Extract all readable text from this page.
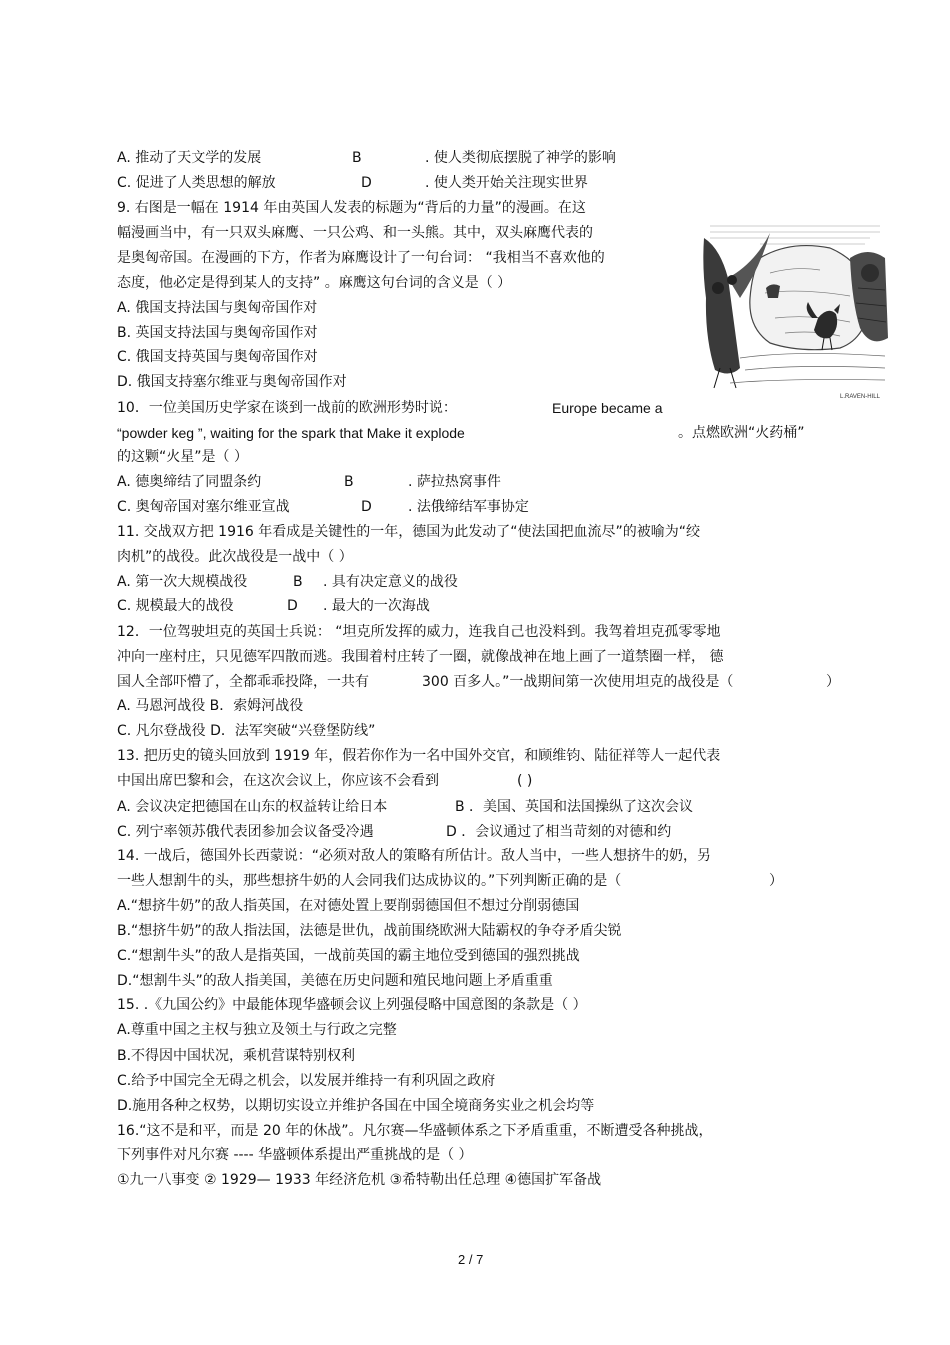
A. 推动了天文学的发展	B	. 使人类彻底摆脱了神学的影响
C. 促进了人类思想的解放	D	. 使人类开始关注现实世界
9. 右图是一幅在 1914 年由英国人发表的标题为“背后的力量”的漫画。在这
幅漫画当中，有一只双头麻鹰、一只公鸡、和一头熊。其中，双头麻鹰代表的
是奥匈帝国。在漫画的下方，作者为麻鹰设计了一句台词： “我相当不喜欢他的
态度，他必定是得到某人的支持” 。麻鹰这句台词的含义是（ ）
A. 俄国支持法国与奥匈帝国作对
B. 英国支持法国与奥匈帝国作对
C. 俄国支持英国与奥匈帝国作对
D. 俄国支持塞尔维亚与奥匈帝国作对
10．一位美国历史学家在谈到一战前的欧洲形势时说：	Europe became a
“powder keg ”, waiting for the spark that Make it explode	。点燃欧洲“火药桶”
的这颗“火星”是（ ）
A. 德奥缔结了同盟条约	B	. 萨拉热窝事件
C. 奥匈帝国对塞尔维亚宣战	D	. 法俄缔结军事协定
11. 交战双方把 1916 年看成是关键性的一年，德国为此发动了“使法国把血流尽”的被喻为“绞
肉机”的战役。此次战役是一战中（ ）
A. 第一次大规模战役	B . 具有决定意义的战役
C. 规模最大的战役	D . 最大的一次海战
12．一位驾驶坦克的英国士兵说： “坦克所发挥的威力，连我自己也没料到。我驾着坦克孤零零地
冲向一座村庄，只见德军四散而逃。我围着村庄转了一圈，就像战神在地上画了一道禁圈一样， 德
国人全部吓懵了，全都乖乖投降，一共有	300 百多人。”一战期间第一次使用坦克的战役是（	）
A. 马恩河战役 B．索姆河战役
C. 凡尔登战役 D．法军突破“兴登堡防线”
13. 把历史的镜头回放到 1919 年，假若你作为一名中国外交官，和顾维钧、陆征祥等人一起代表
中国出席巴黎和会，在这次会议上，你应该不会看到	( )
A. 会议决定把德国在山东的权益转让给日本	B ．美国、英国和法国操纵了这次会议
C. 列宁率领苏俄代表团参加会议备受冷遇	D ．会议通过了相当苛刻的对德和约
14. 一战后，德国外长西蒙说：“必须对敌人的策略有所估计。敌人当中，一些人想挤牛的奶，另
一些人想割牛的头，那些想挤牛奶的人会同我们达成协议的。”下列判断正确的是（	）
A.“想挤牛奶”的敌人指英国，在对德处置上要削弱德国但不想过分削弱德国
B.“想挤牛奶”的敌人指法国，法德是世仇，战前围绕欧洲大陆霸权的争夺矛盾尖锐
C.“想割牛头”的敌人是指英国，一战前英国的霸主地位受到德国的强烈挑战
D.“想割牛头”的敌人指美国，美德在历史问题和殖民地问题上矛盾重重
15. .《九国公约》中最能体现华盛顿会议上列强侵略中国意图的条款是（ ）
A.尊重中国之主权与独立及领土与行政之完整
B.不得因中国状况，乘机营谋特别权利
C.给予中国完全无碍之机会，以发展并维持一有利巩固之政府
D.施用各种之权势，以期切实设立并维护各国在中国全境商务实业之机会均等
16.“这不是和平，而是 20 年的休战”。凡尔赛—华盛顿体系之下矛盾重重，不断遭受各种挑战，
下列事件对凡尔赛 ---- 华盛顿体系提出严重挑战的是（ ）
①九一八事变 ② 1929— 1933 年经济危机 ③希特勒出任总理 ④德国扩军备战
L.RAVEN-HILL
2 / 7
